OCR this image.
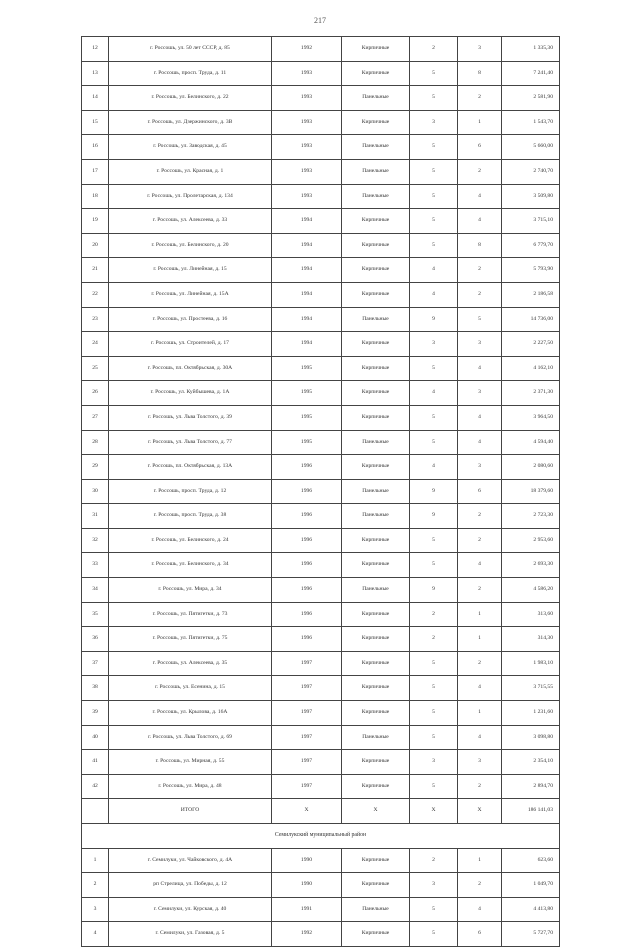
217
12	г. Россошь, ул. 50 лет СССР, д. 85	1992	Кирпичные	2	3	1 335,30
13	г. Россошь, просп. Труда, д. 11	1993	Кирпичные	5	8	7 241,40
14	г. Россошь, ул. Белинского, д. 22	1993	Панельные	5	2	2 581,90
15	г. Россошь, ул. Дзержинского, д. 3В	1993	Кирпичные	3	1	1 543,70
16	г. Россошь, ул. Заводская, д. 45	1993	Панельные	5	6	5 660,00
17	г. Россошь, ул. Красная, д. 1	1993	Панельные	5	2	2 740,70
18	г. Россошь, ул. Пролетарская, д. 134	1993	Панельные	5	4	3 509,80
19	г. Россошь, ул. Алексеева, д. 33	1994	Кирпичные	5	4	3 715,10
20	г. Россошь, ул. Белинского, д. 20	1994	Кирпичные	5	8	6 779,70
21	г. Россошь, ул. Линейная, д. 15	1994	Кирпичные	4	2	5 793,90
22	г. Россошь, ул. Линейная, д. 15А	1994	Кирпичные	4	2	2 186,58
23	г. Россошь, ул. Простеева, д. 16	1994	Панельные	9	5	14 736,00
24	г. Россошь, ул. Строителей, д. 17	1994	Кирпичные	3	3	2 227,50
25	г. Россошь, пл. Октябрьская, д. 30А	1995	Кирпичные	5	4	4 162,10
26	г. Россошь, ул. Куйбышева, д. 1А	1995	Кирпичные	4	3	2 371,30
27	г. Россошь, ул. Льва Толстого, д. 39	1995	Кирпичные	5	4	3 964,50
28	г. Россошь, ул. Льва Толстого, д. 77	1995	Панельные	5	4	4 594,40
29	г. Россошь, пл. Октябрьская, д. 13А	1996	Кирпичные	4	3	2 080,60
30	г. Россошь, просп. Труда, д. 12	1996	Панельные	9	6	18 379,60
31	г. Россошь, просп. Труда, д. 38	1996	Панельные	9	2	2 723,30
32	г. Россошь, ул. Белинского, д. 24	1996	Кирпичные	5	2	2 953,60
33	г. Россошь, ул. Белинского, д. 34	1996	Кирпичные	5	4	2 693,30
34	г. Россошь, ул. Мира, д. 34	1996	Панельные	9	2	4 586,20
35	г. Россошь, ул. Пятигетки, д. 73	1996	Кирпичные	2	1	313,60
36	г. Россошь, ул. Пятигетки, д. 75	1996	Кирпичные	2	1	314,30
37	г. Россошь, ул. Алексеева, д. 35	1997	Кирпичные	5	2	1 983,10
38	г. Россошь, ул. Есенина, д. 15	1997	Кирпичные	5	4	3 715,55
39	г. Россошь, ул. Крылова, д. 16А	1997	Кирпичные	5	1	1 231,60
40	г. Россошь, ул. Льва Толстого, д. 69	1997	Панельные	5	4	3 098,80
41	г. Россошь, ул. Мирная, д. 55	1997	Кирпичные	3	3	2 354,10
42	г. Россошь, ул. Мира, д. 48	1997	Кирпичные	5	2	2 894,70
	ИТОГО	X	X	X	X	186 141,03
Семилукский муниципальный район						
1	г. Семилуки, ул. Чайковского, д. 4А	1990	Кирпичные	2	1	623,60
2	рп Стрелица, ул. Победы, д. 12	1990	Кирпичные	3	2	1 049,70
3	г. Семилуки, ул. Курская, д. 40	1991	Панельные	5	4	4 413,80
4	г. Семилуки, ул. Газовая, д. 5	1992	Кирпичные	5	6	5 727,70
